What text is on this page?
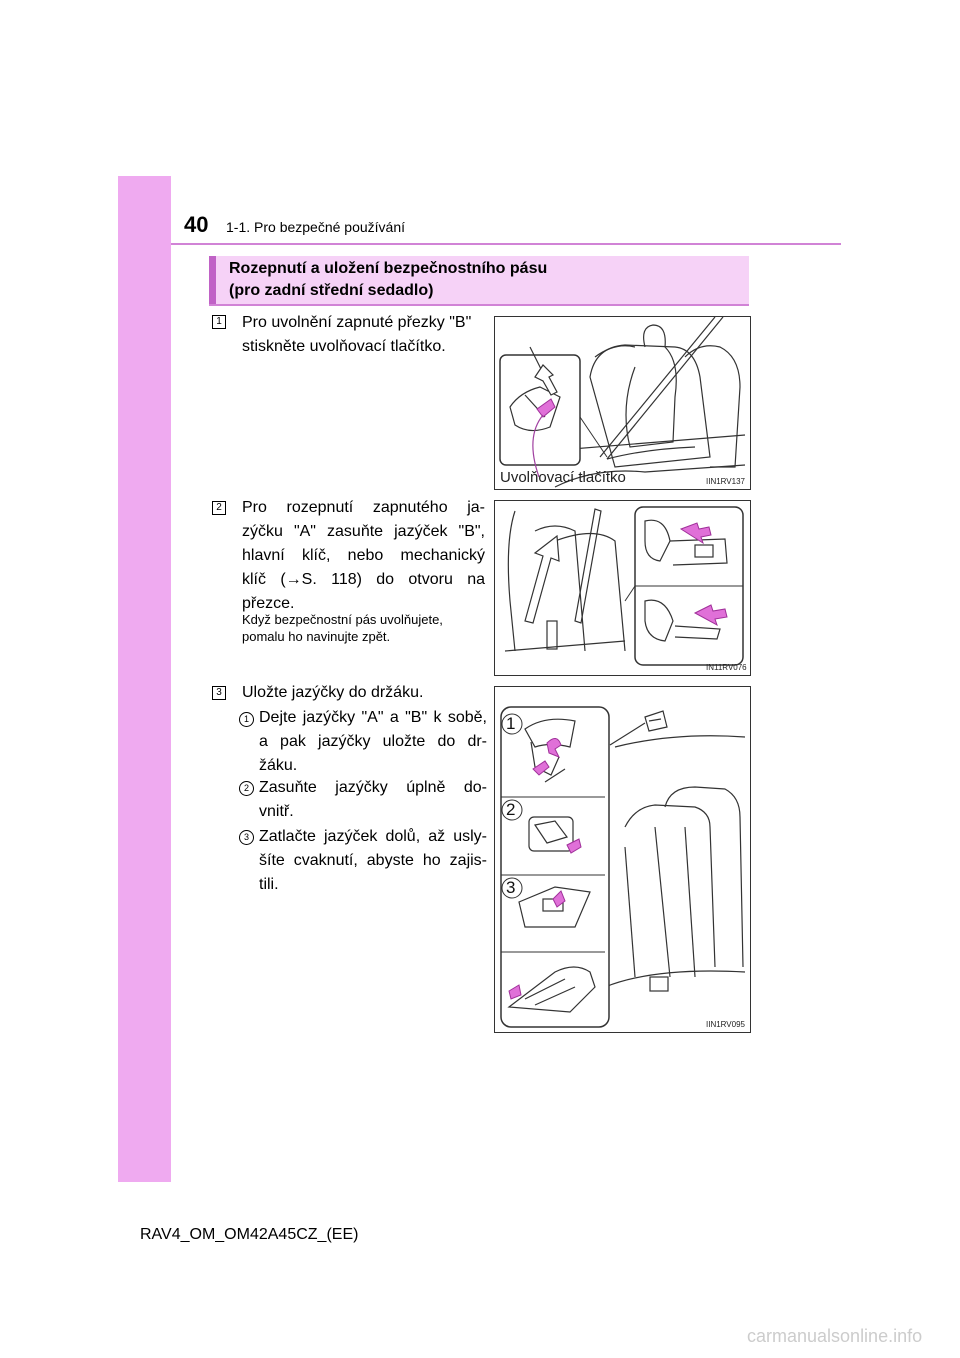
40 1-1. Pro bezpečné používání
Rozepnutí a uložení bezpečnostního pásu
(pro zadní střední sedadlo)
1 Pro uvolnění zapnuté přezky "B"
stiskněte uvolňovací tlačítko.
Uvolňovací tlačítko	IIN1RV137
2 Pro rozepnutí zapnutého ja-
zýčku "A" zasuňte jazýček "B",
hlavní klíč, nebo mechanický
klíč (→S. 118) do otvoru na
přezce.
Když bezpečnostní pás uvolňujete,
pomalu ho navinujte zpět.
IN11RV076
3 Uložte jazýčky do držáku.
1 Dejte jazýčky "A" a "B" k sobě,
a pak jazýčky uložte do dr-
žáku.
2 Zasuňte jazýčky úplně do-
vnitř.
3 Zatlačte jazýček dolů, až usly-
šíte cvaknutí, abyste ho zajis-
tili.
1
2
3
IIN1RV095
RAV4_OM_OM42A45CZ_(EE)
carmanualsonline.info
